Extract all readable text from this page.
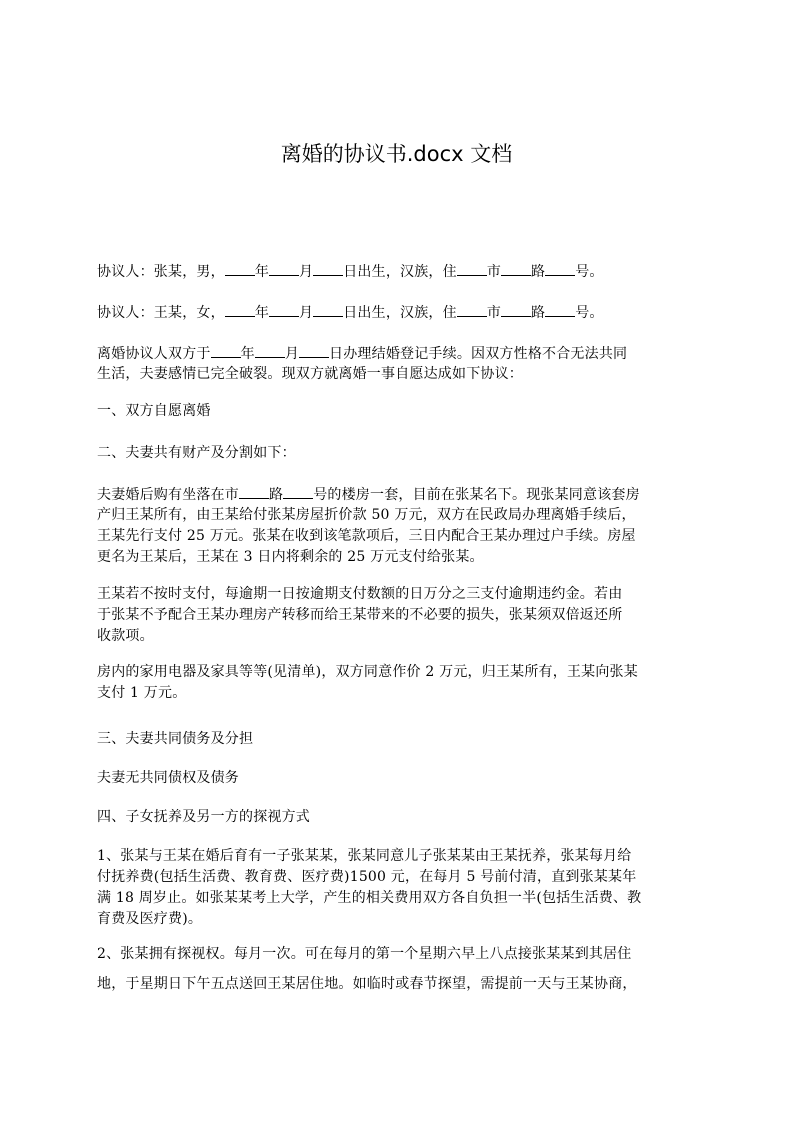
离婚的协议书.docx 文档
协议人：张某，男， 年 月 日出生，汉族，住 市 路 号。
协议人：王某，女， 年 月 日出生，汉族，住 市 路 号。
离婚协议人双方于 年 月 日办理结婚登记手续。因双方性格不合无法共同
生活，夫妻感情已完全破裂。现双方就离婚一事自愿达成如下协议：
一、双方自愿离婚
二、夫妻共有财产及分割如下：
夫妻婚后购有坐落在市 路 号的楼房一套，目前在张某名下。现张某同意该套房
产归王某所有，由王某给付张某房屋折价款 50 万元，双方在民政局办理离婚手续后，
王某先行支付 25 万元。张某在收到该笔款项后，三日内配合王某办理过户手续。房屋
更名为王某后，王某在 3 日内将剩余的 25 万元支付给张某。
王某若不按时支付，每逾期一日按逾期支付数额的日万分之三支付逾期违约金。若由
于张某不予配合王某办理房产转移而给王某带来的不必要的损失，张某须双倍返还所
收款项。
房内的家用电器及家具等等(见清单)，双方同意作价 2 万元，归王某所有，王某向张某
支付 1 万元。
三、夫妻共同债务及分担
夫妻无共同债权及债务
四、子女抚养及另一方的探视方式
1、张某与王某在婚后育有一子张某某，张某同意儿子张某某由王某抚养，张某每月给
付抚养费(包括生活费、教育费、医疗费)1500 元，在每月 5 号前付清，直到张某某年
满 18 周岁止。如张某某考上大学，产生的相关费用双方各自负担一半(包括生活费、教
育费及医疗费)。
2、张某拥有探视权。每月一次。可在每月的第一个星期六早上八点接张某某到其居住
地，于星期日下午五点送回王某居住地。如临时或春节探望，需提前一天与王某协商，
